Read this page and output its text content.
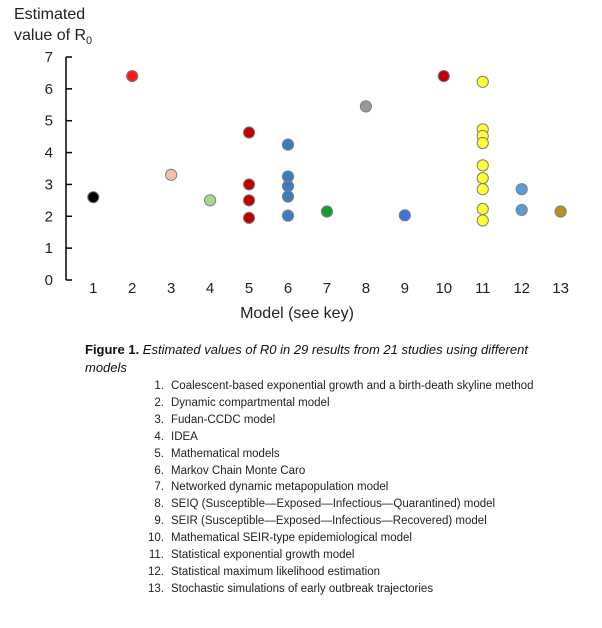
Estimated
value of $R_0$
0
1
2
3
4
5
6
7
1 2 3 4 5 6 7 8 9 10 11 12 13
Model (see key)
Figure 1. Estimated values of R0 in 29 results from 21 studies using different models
1. Coalescent-based exponential growth and a birth-death skyline method
2. Dynamic compartmental model
3. Fudan-CCDC model
4. IDEA
5. Mathematical models
6. Markov Chain Monte Caro
7. Networked dynamic metapopulation model
8. SEIQ (Susceptible—Exposed—Infectious—Quarantined) model
9. SEIR (Susceptible—Exposed—Infectious—Recovered) model
10. Mathematical SEIR-type epidemiological model
11. Statistical exponential growth model
12. Statistical maximum likelihood estimation
13. Stochastic simulations of early outbreak trajectories
